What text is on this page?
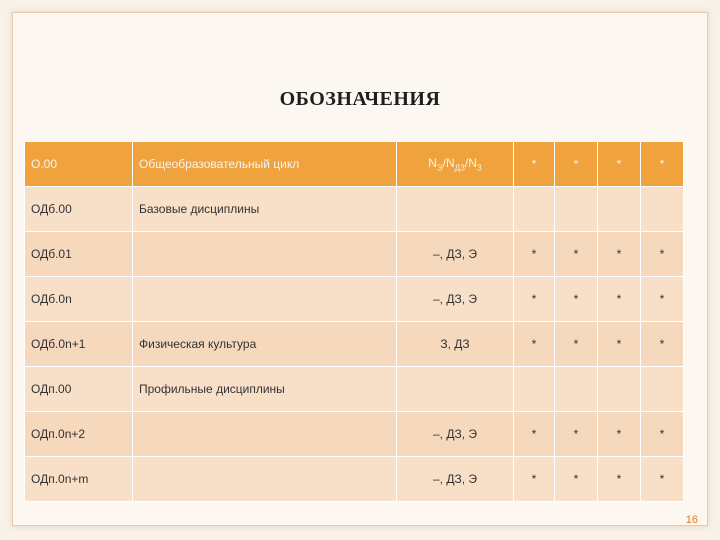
ОБОЗНАЧЕНИЯ
О.00	Общеобразовательный цикл	$N_Э/N_{ДЗ}/N_З$	*	*	*	*
ОДб.00	Базовые дисциплины					
ОДб.01		–, ДЗ, Э	*	*	*	*
ОДб.0n		–, ДЗ, Э	*	*	*	*
ОДб.0n+1	Физическая культура	З, ДЗ	*	*	*	*
ОДп.00	Профильные дисциплины					
ОДп.0n+2		–, ДЗ, Э	*	*	*	*
ОДп.0n+m		–, ДЗ, Э	*	*	*	*
16
